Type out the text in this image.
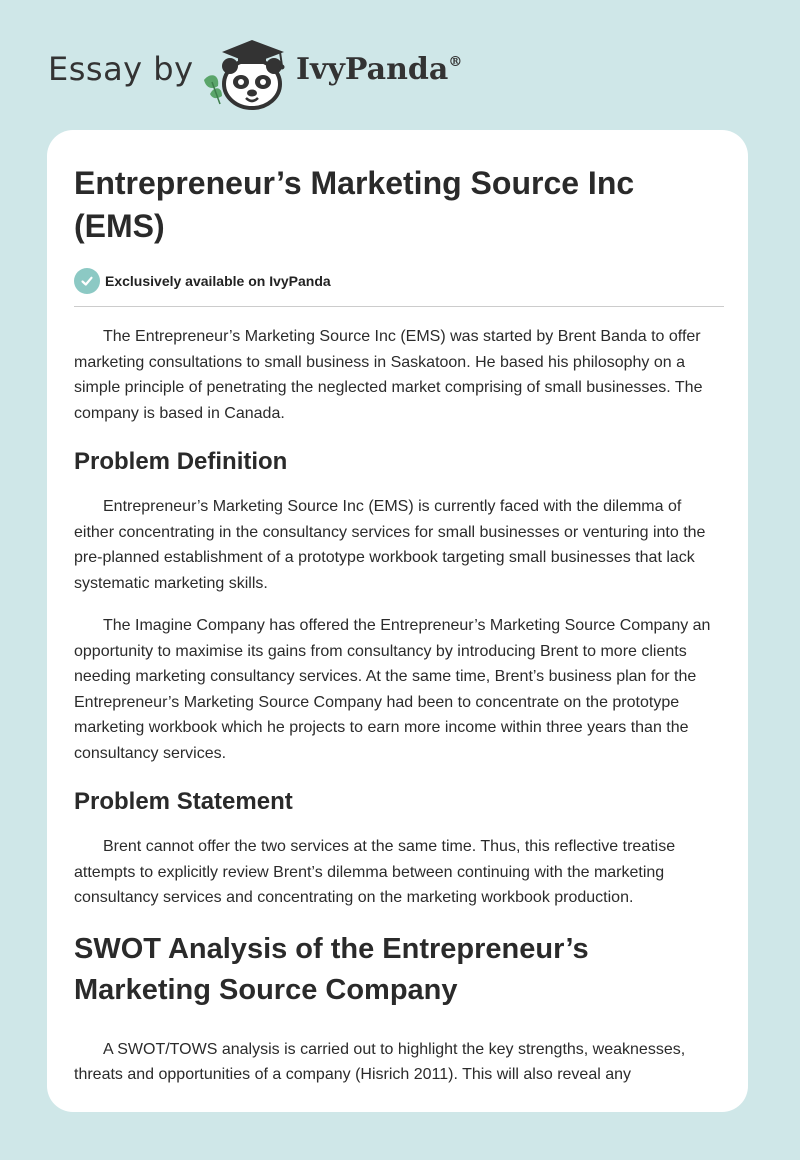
Essay by	IvyPanda®
Entrepreneur’s Marketing Source Inc (EMS)
Exclusively available on IvyPanda

The Entrepreneur’s Marketing Source Inc (EMS) was started by Brent Banda to offer marketing consultations to small business in Saskatoon. He based his philosophy on a simple principle of penetrating the neglected market comprising of small businesses. The company is based in Canada.

Problem Definition

Entrepreneur’s Marketing Source Inc (EMS) is currently faced with the dilemma of either concentrating in the consultancy services for small businesses or venturing into the pre-planned establishment of a prototype workbook targeting small businesses that lack systematic marketing skills.

The Imagine Company has offered the Entrepreneur’s Marketing Source Company an opportunity to maximise its gains from consultancy by introducing Brent to more clients needing marketing consultancy services. At the same time, Brent’s business plan for the Entrepreneur’s Marketing Source Company had been to concentrate on the prototype marketing workbook which he projects to earn more income within three years than the consultancy services.

Problem Statement

Brent cannot offer the two services at the same time. Thus, this reflective treatise attempts to explicitly review Brent’s dilemma between continuing with the marketing consultancy services and concentrating on the marketing workbook production.

SWOT Analysis of the Entrepreneur’s Marketing Source Company

A SWOT/TOWS analysis is carried out to highlight the key strengths, weaknesses, threats and opportunities of a company (Hisrich 2011). This will also reveal any
